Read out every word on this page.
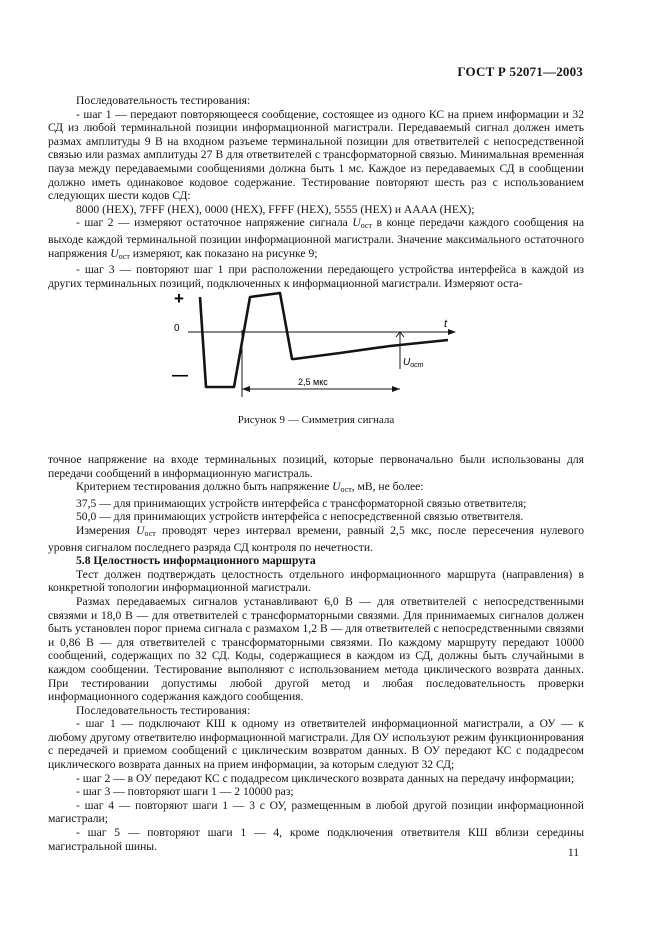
ГОСТ Р 52071—2003

Последовательность тестирования:

- шаг 1 — передают повторяющееся сообщение, состоящее из одного КС на прием информации и 32 СД из любой терминальной позиции информационной магистрали. Передаваемый сигнал должен иметь размах амплитуды 9 В на входном разъеме терминальной позиции для ответвителей с непосредственной связью или размах амплитуды 27 В для ответвителей с трансформаторной связью. Минимальная временна́я пауза между передаваемыми сообщениями должна быть 1 мс. Каждое из передаваемых СД в сообщении должно иметь одинаковое кодовое содержание. Тестирование повторяют шесть раз с использованием следующих шести кодов СД:

8000 (HEX), 7FFF (HEX), 0000 (HEX), FFFF (HEX), 5555 (HEX) и AAAA (HEX);

- шаг 2 — измеряют остаточное напряжение сигнала $U_{ост}$ в конце передачи каждого сообщения на выходе каждой терминальной позиции информационной магистрали. Значение максимального остаточного напряжения $U_{ост}$ измеряют, как показано на рисунке 9;

- шаг 3 — повторяют шаг 1 при расположении передающего устройства интерфейса в каждой из других терминальных позиций, подключенных к информационной магистрали. Измеряют оста-

+
—
0	t
$U_{ост}$
2,5 мкс
Рисунок 9 — Симметрия сигнала

точное напряжение на входе терминальных позиций, которые первоначально были использованы для передачи сообщений в информационную магистраль.

Критерием тестирования должно быть напряжение $U_{ост}$, мВ, не более:

37,5 — для принимающих устройств интерфейса с трансформаторной связью ответвителя;

50,0 — для принимающих устройств интерфейса с непосредственной связью ответвителя.

Измерения $U_{ост}$ проводят через интервал времени, равный 2,5 мкс, после пересечения нулевого уровня сигналом последнего разряда СД контроля по нечетности.

5.8 Целостность информационного маршрута

Тест должен подтверждать целостность отдельного информационного маршрута (направления) в конкретной топологии информационной магистрали.

Размах передаваемых сигналов устанавливают 6,0 В — для ответвителей с непосредственными связями и 18,0 В — для ответвителей с трансформаторными связями. Для принимаемых сигналов должен быть установлен порог приема сигнала с размахом 1,2 В — для ответвителей с непосредственными связями и 0,86 В — для ответвителей с трансформаторными связями. По каждому маршруту передают 10000 сообщений, содержащих по 32 СД. Коды, содержащиеся в каждом из СД, должны быть случайными в каждом сообщении. Тестирование выполняют с использованием метода циклического возврата данных. При тестировании допустимы любой другой метод и любая последовательность проверки информационного содержания каждого сообщения.

Последовательность тестирования:

- шаг 1 — подключают КШ к одному из ответвителей информационной магистрали, а ОУ — к любому другому ответвителю информационной магистрали. Для ОУ используют режим функционирования с передачей и приемом сообщений с циклическим возвратом данных. В ОУ передают КС с подадресом циклического возврата данных на прием информации, за которым следуют 32 СД;

- шаг 2 — в ОУ передают КС с подадресом циклического возврата данных на передачу информации;

- шаг 3 — повторяют шаги 1 — 2 10000 раз;

- шаг 4 — повторяют шаги 1 — 3 с ОУ, размещенным в любой другой позиции информационной магистрали;

- шаг 5 — повторяют шаги 1 — 4, кроме подключения ответвителя КШ вблизи середины магистральной шины.	11
